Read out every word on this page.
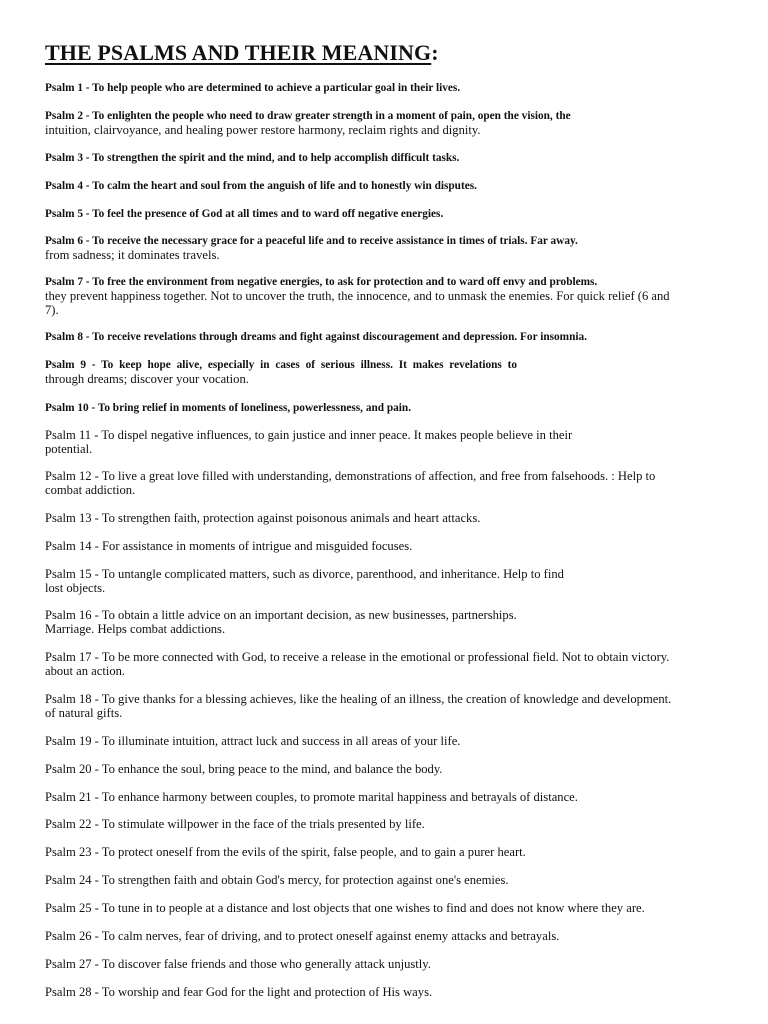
THE PSALMS AND THEIR MEANING:
Psalm 1 - To help people who are determined to achieve a particular goal in their lives.
Psalm 2 - To enlighten the people who need to draw greater strength in a moment of pain, open the vision, the
intuition, clairvoyance, and healing power restore harmony, reclaim rights and dignity.
Psalm 3 - To strengthen the spirit and the mind, and to help accomplish difficult tasks.
Psalm 4 - To calm the heart and soul from the anguish of life and to honestly win disputes.
Psalm 5 - To feel the presence of God at all times and to ward off negative energies.
Psalm 6 - To receive the necessary grace for a peaceful life and to receive assistance in times of trials. Far away.
from sadness; it dominates travels.
Psalm 7 - To free the environment from negative energies, to ask for protection and to ward off envy and problems.
they prevent happiness together. Not to uncover the truth, the innocence, and to unmask the enemies. For quick relief (6 and
7).
Psalm 8 - To receive revelations through dreams and fight against discouragement and depression. For insomnia.
Psalm 9 - To keep hope alive, especially in cases of serious illness. It makes revelations to
through dreams; discover your vocation.
Psalm 10 - To bring relief in moments of loneliness, powerlessness, and pain.
Psalm 11 - To dispel negative influences, to gain justice and inner peace. It makes people believe in their
potential.
Psalm 12 - To live a great love filled with understanding, demonstrations of affection, and free from falsehoods. : Help to
combat addiction.
Psalm 13 - To strengthen faith, protection against poisonous animals and heart attacks.
Psalm 14 - For assistance in moments of intrigue and misguided focuses.
Psalm 15 - To untangle complicated matters, such as divorce, parenthood, and inheritance. Help to find
lost objects.
Psalm 16 - To obtain a little advice on an important decision, as new businesses, partnerships.
Marriage. Helps combat addictions.
Psalm 17 - To be more connected with God, to receive a release in the emotional or professional field. Not to obtain victory.
about an action.
Psalm 18 - To give thanks for a blessing achieves, like the healing of an illness, the creation of knowledge and development.
of natural gifts.
Psalm 19 - To illuminate intuition, attract luck and success in all areas of your life.
Psalm 20 - To enhance the soul, bring peace to the mind, and balance the body.
Psalm 21 - To enhance harmony between couples, to promote marital happiness and betrayals of distance.
Psalm 22 - To stimulate willpower in the face of the trials presented by life.
Psalm 23 - To protect oneself from the evils of the spirit, false people, and to gain a purer heart.
Psalm 24 - To strengthen faith and obtain God's mercy, for protection against one's enemies.
Psalm 25 - To tune in to people at a distance and lost objects that one wishes to find and does not know where they are.
Psalm 26 - To calm nerves, fear of driving, and to protect oneself against enemy attacks and betrayals.
Psalm 27 - To discover false friends and those who generally attack unjustly.
Psalm 28 - To worship and fear God for the light and protection of His ways.
